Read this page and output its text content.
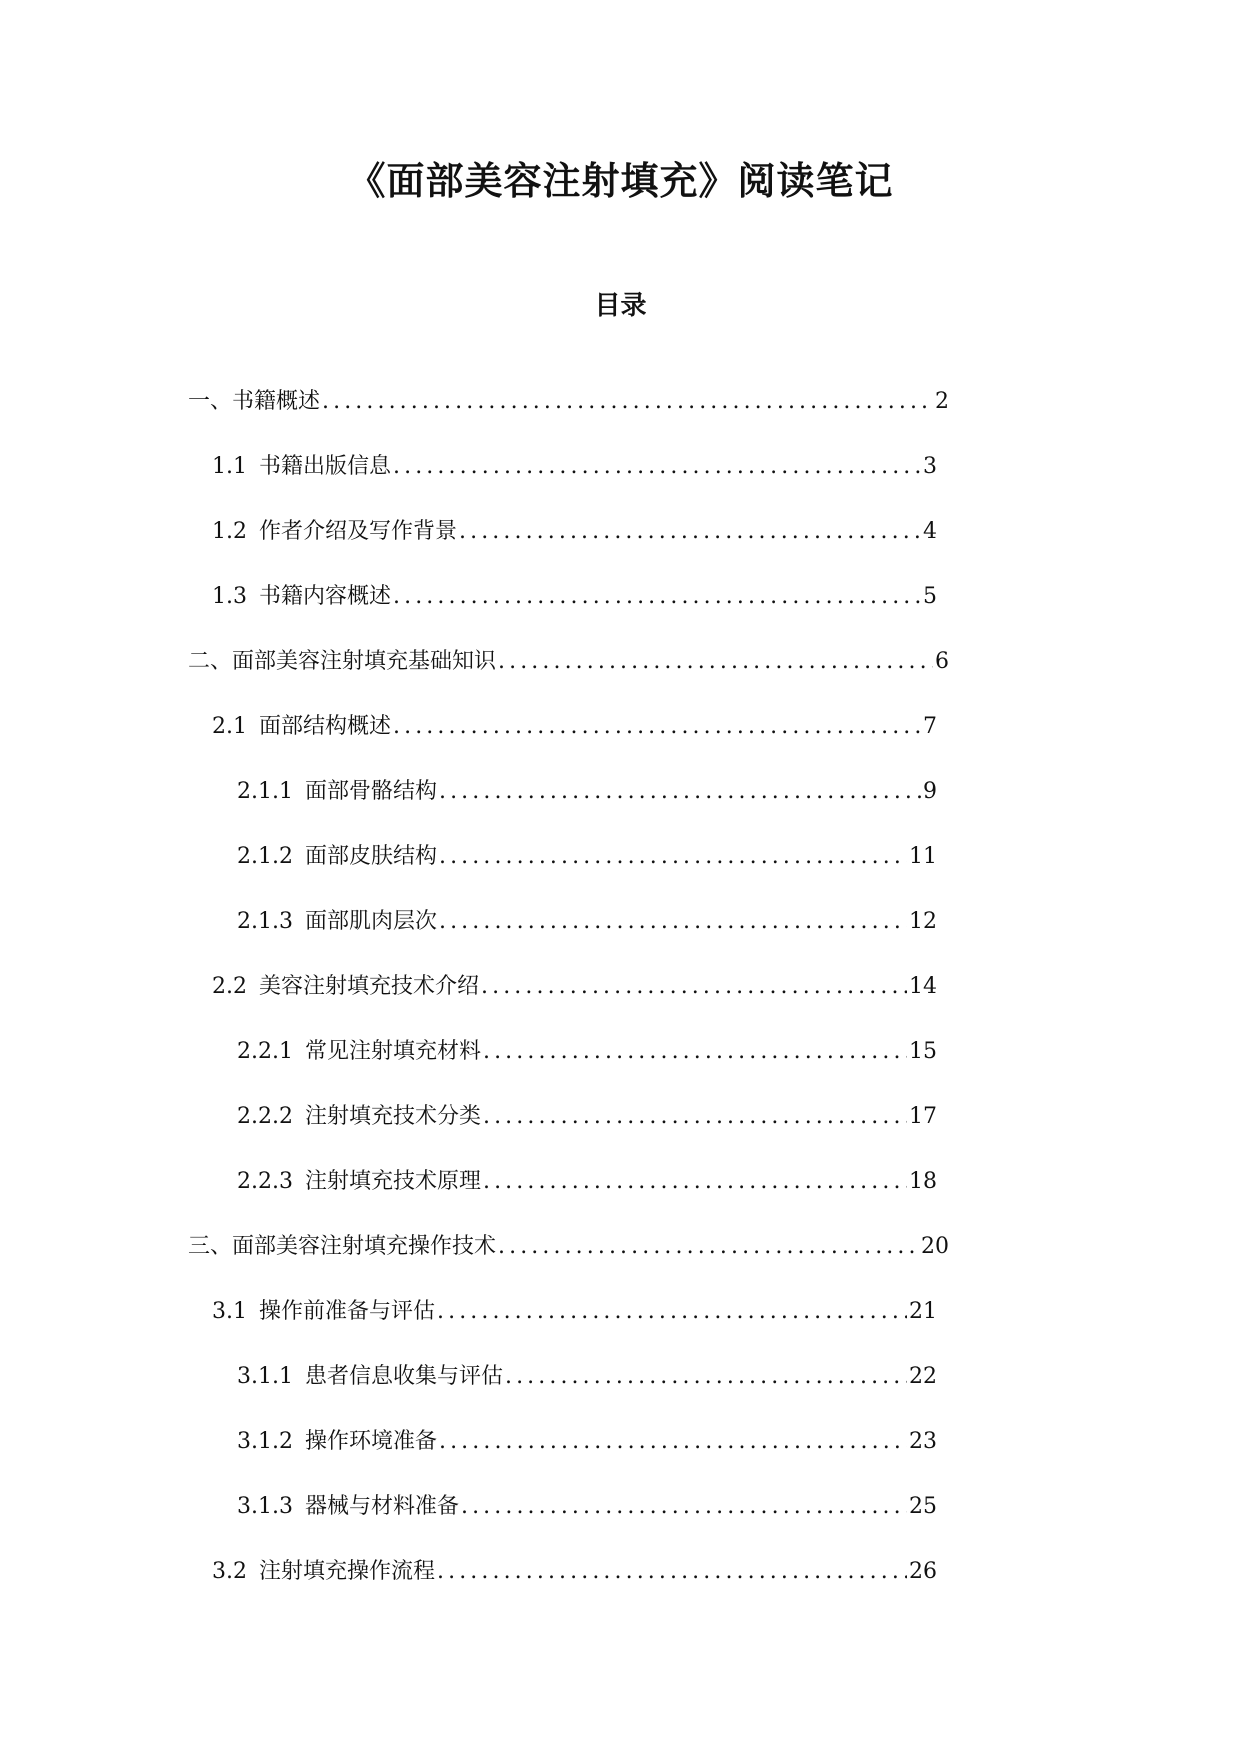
《面部美容注射填充》阅读笔记
目录
一、 书籍概述 .....	2
1.1 书籍出版信息 .....	3
1.2 作者介绍及写作背景 .....	4
1.3 书籍内容概述 .....	5
二、 面部美容注射填充基础知识 .....	6
2.1 面部结构概述 .....	7
2.1.1 面部骨骼结构 .....	9
2.1.2 面部皮肤结构 .....	11
2.1.3 面部肌肉层次 .....	12
2.2 美容注射填充技术介绍 .....	14
2.2.1 常见注射填充材料 .....	15
2.2.2 注射填充技术分类 .....	17
2.2.3 注射填充技术原理 .....	18
三、 面部美容注射填充操作技术 .....	20
3.1 操作前准备与评估 .....	21
3.1.1 患者信息收集与评估 .....	22
3.1.2 操作环境准备 .....	23
3.1.3 器械与材料准备 .....	25
3.2 注射填充操作流程 .....	26
